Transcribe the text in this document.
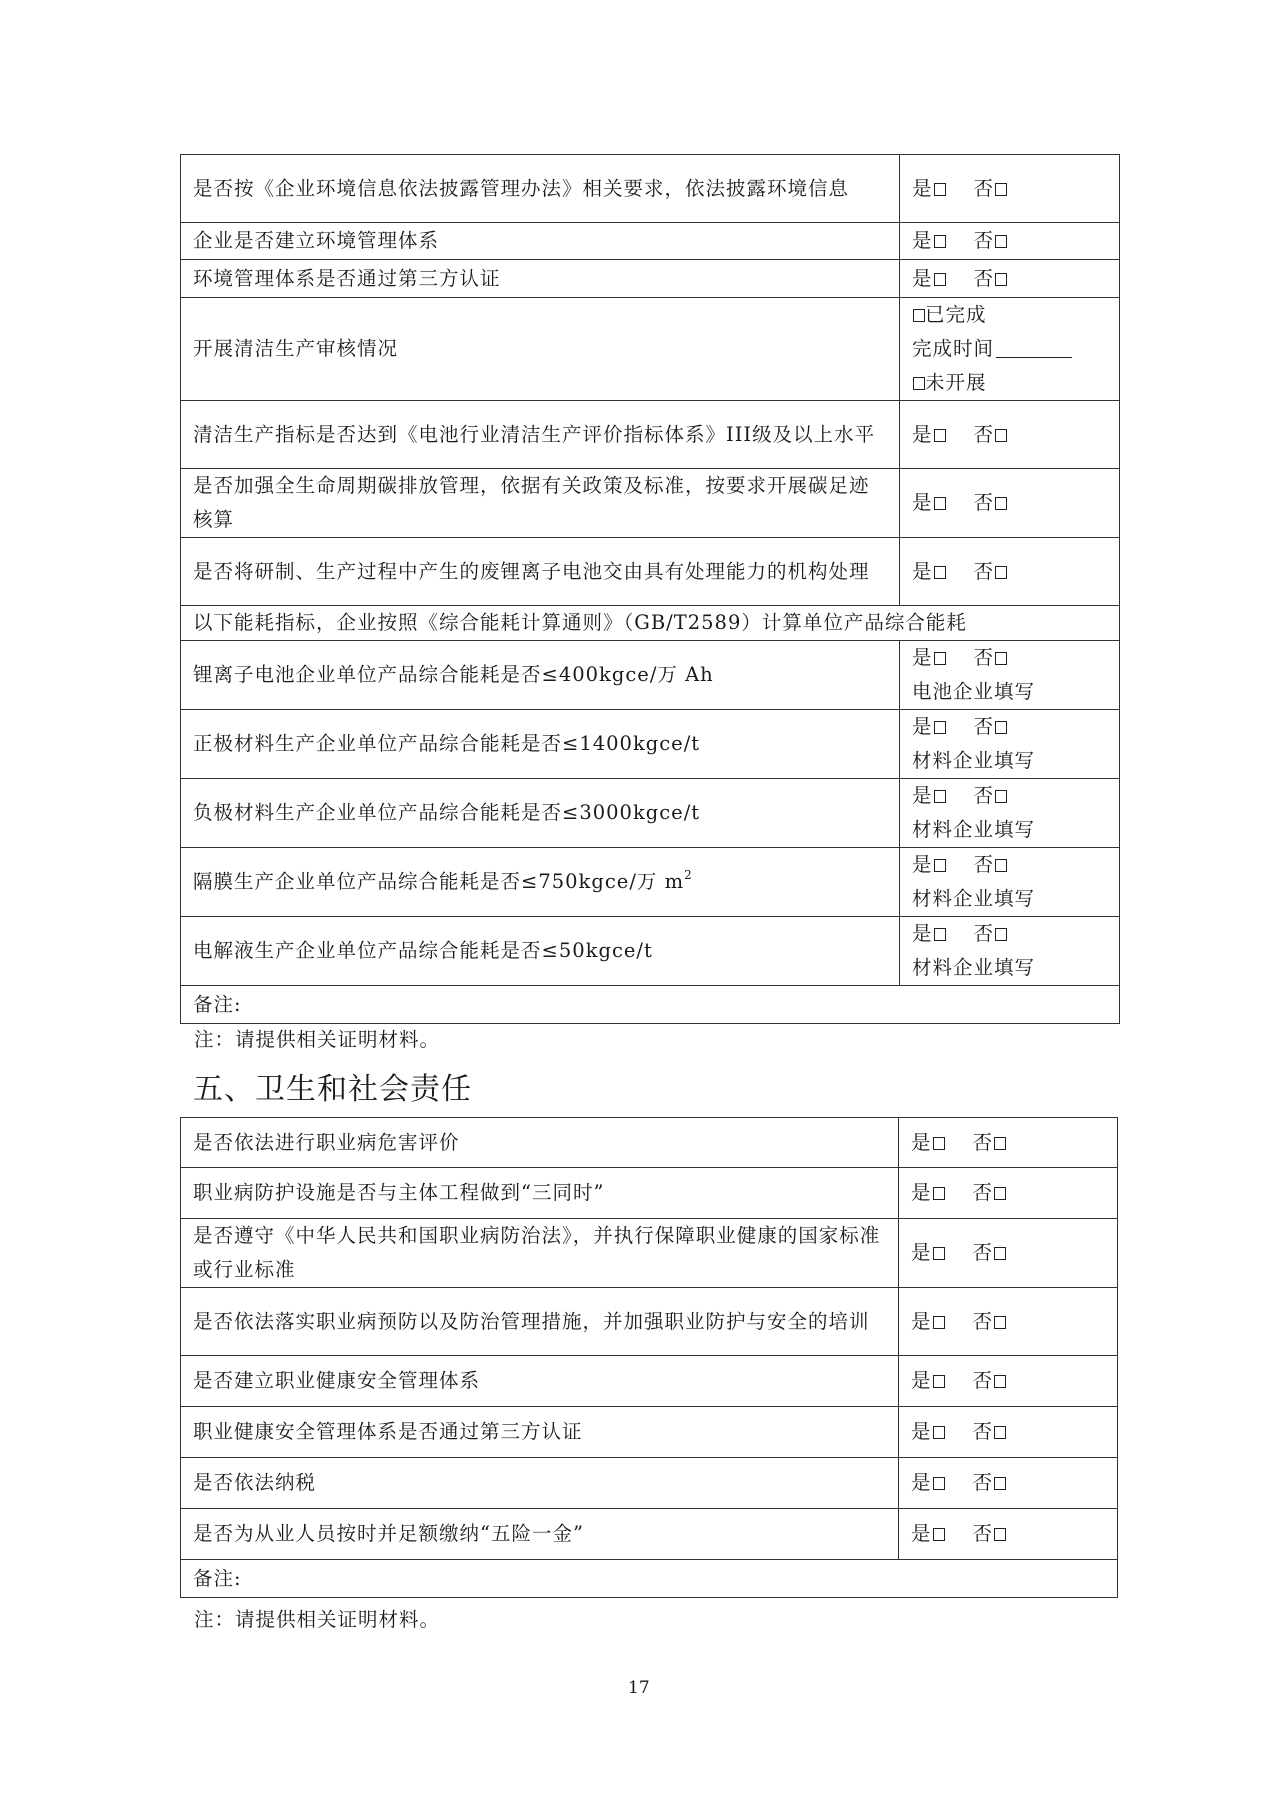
是否按《企业环境信息依法披露管理办法》相关要求，依法披露环境信息	是 否
企业是否建立环境管理体系	是 否
环境管理体系是否通过第三方认证	是 否
开展清洁生产审核情况	已完成
完成时间
未开展

清洁生产指标是否达到《电池行业清洁生产评价指标体系》III级及以上水平	是 否
是否加强全生命周期碳排放管理，依据有关政策及标准，按要求开展碳足迹核算	是 否
是否将研制、生产过程中产生的废锂离子电池交由具有处理能力的机构处理	是 否
以下能耗指标，企业按照《综合能耗计算通则》（GB/T2589）计算单位产品综合能耗	
锂离子电池企业单位产品综合能耗是否≤400kgce/万 Ah	是 否
电池企业填写

正极材料生产企业单位产品综合能耗是否≤1400kgce/t	是 否
材料企业填写

负极材料生产企业单位产品综合能耗是否≤3000kgce/t	是 否
材料企业填写

隔膜生产企业单位产品综合能耗是否≤750kgce/万 $m^2$	是 否
材料企业填写

电解液生产企业单位产品综合能耗是否≤50kgce/t	是 否
材料企业填写

备注:	
注：请提供相关证明材料。
五、卫生和社会责任
是否依法进行职业病危害评价	是 否
职业病防护设施是否与主体工程做到“三同时”	是 否
是否遵守《中华人民共和国职业病防治法》，并执行保障职业健康的国家标准或行业标准	是 否
是否依法落实职业病预防以及防治管理措施，并加强职业防护与安全的培训	是 否
是否建立职业健康安全管理体系	是 否
职业健康安全管理体系是否通过第三方认证	是 否
是否依法纳税	是 否
是否为从业人员按时并足额缴纳“五险一金”	是 否
备注:	
注：请提供相关证明材料。
17
